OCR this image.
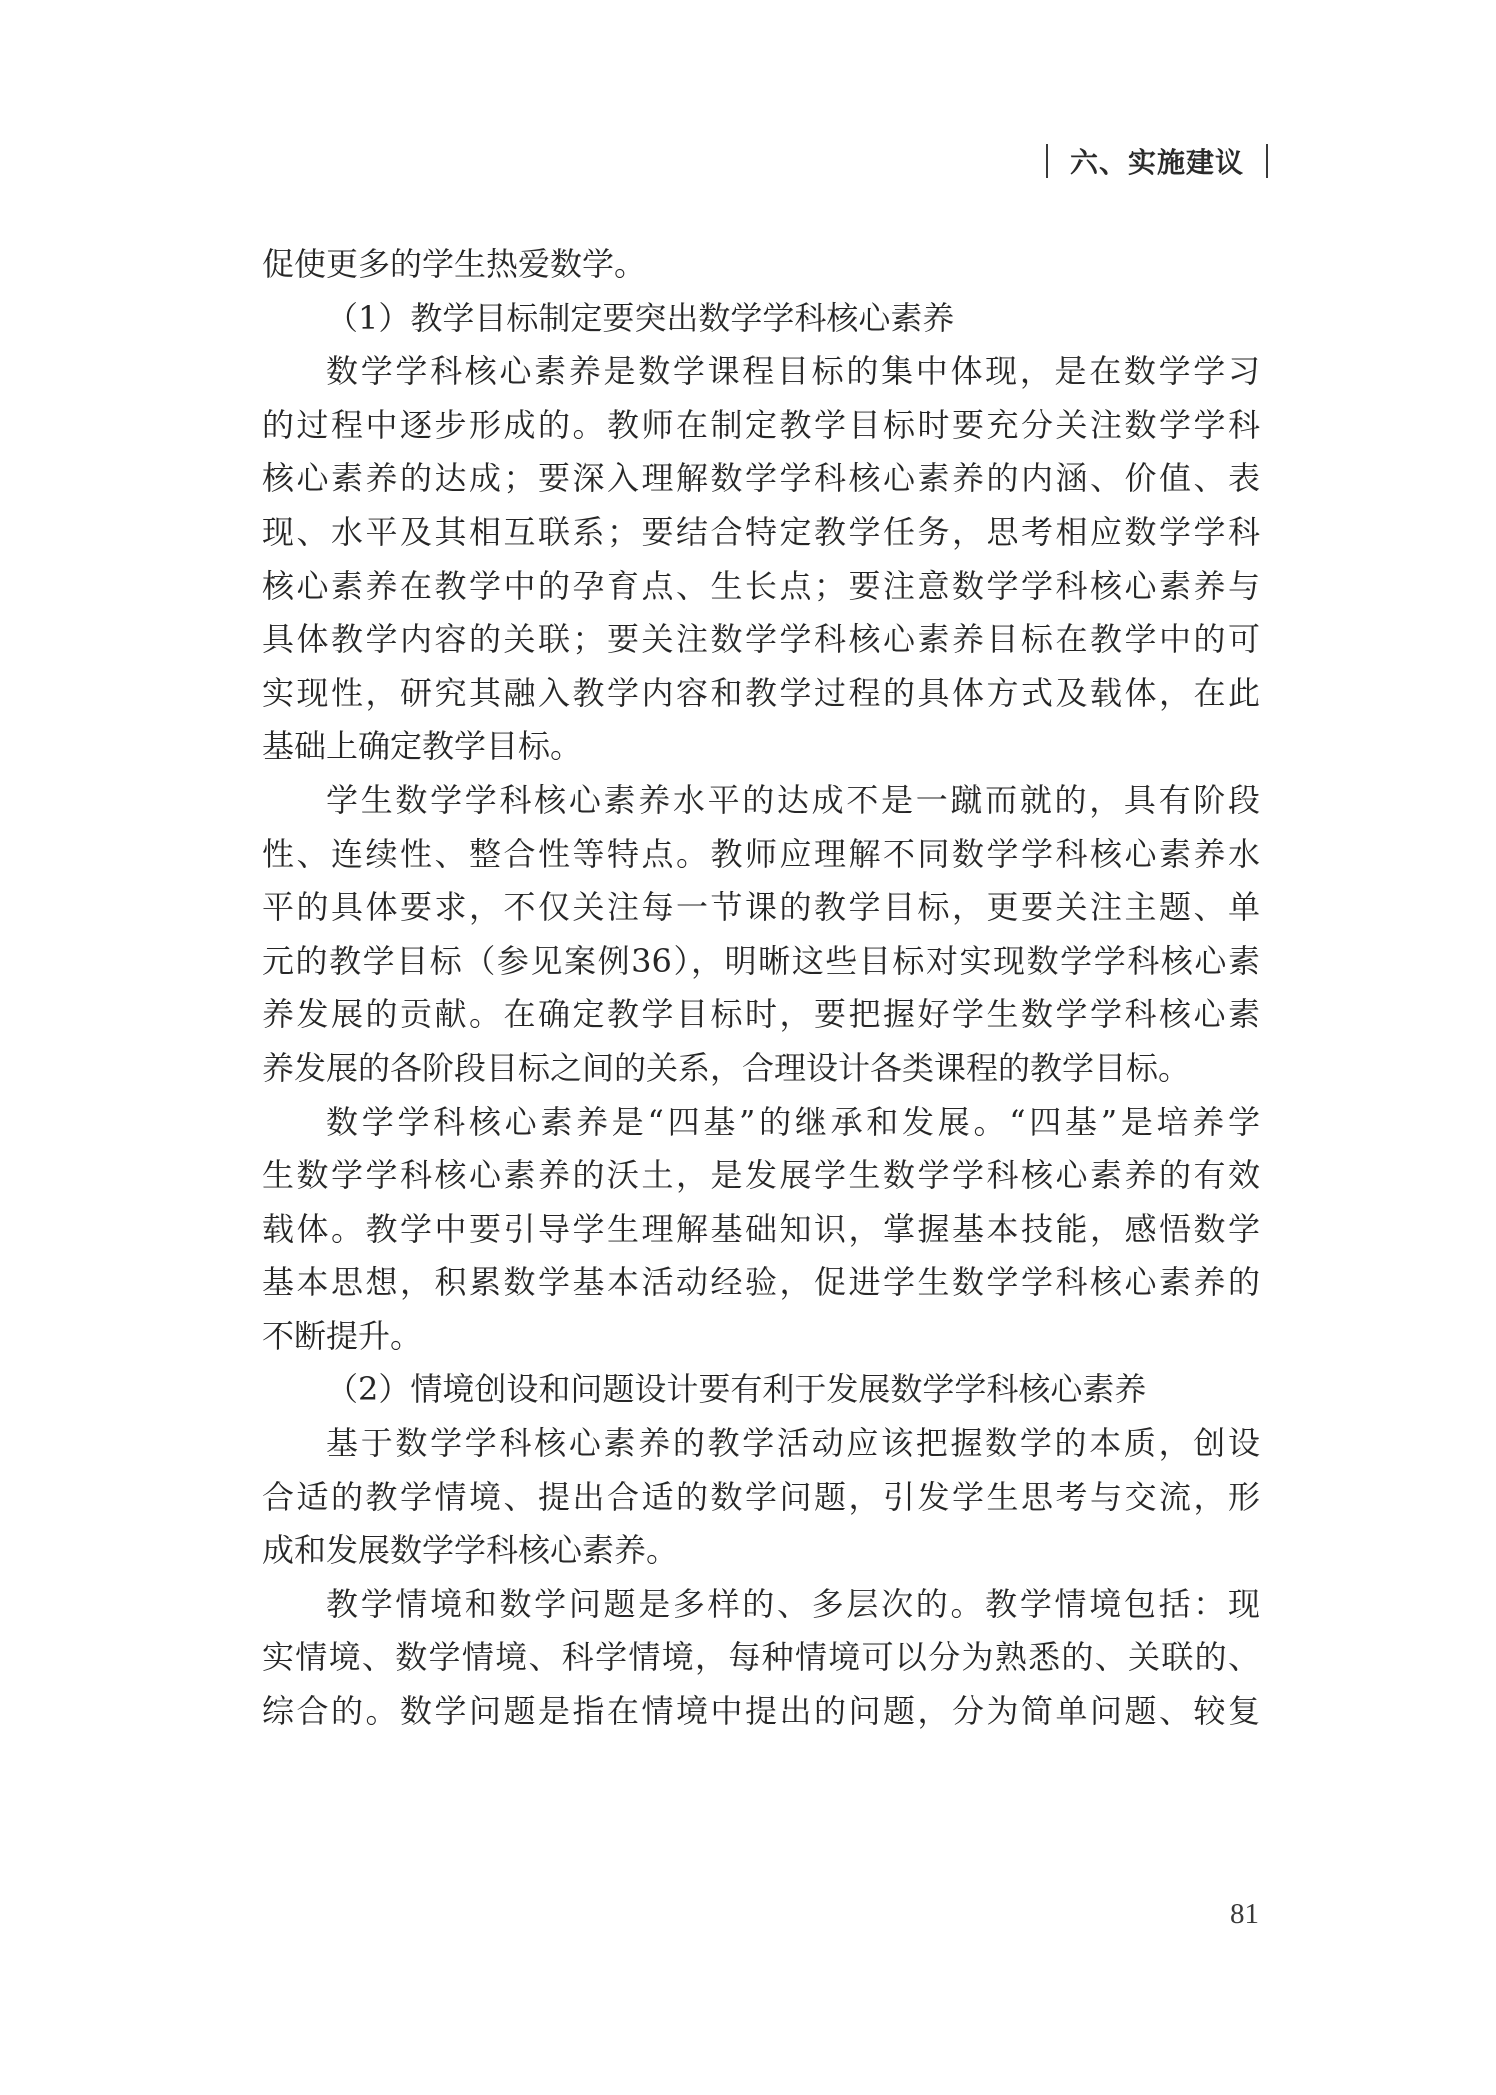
六、实施建议
促使更多的学生热爱数学。
（1）教学目标制定要突出数学学科核心素养
数学学科核心素养是数学课程目标的集中体现，是在数学学习
的过程中逐步形成的。教师在制定教学目标时要充分关注数学学科
核心素养的达成；要深入理解数学学科核心素养的内涵、价值、表
现、水平及其相互联系；要结合特定教学任务，思考相应数学学科
核心素养在教学中的孕育点、生长点；要注意数学学科核心素养与
具体教学内容的关联；要关注数学学科核心素养目标在教学中的可
实现性，研究其融入教学内容和教学过程的具体方式及载体，在此
基础上确定教学目标。
学生数学学科核心素养水平的达成不是一蹴而就的，具有阶段
性、连续性、整合性等特点。教师应理解不同数学学科核心素养水
平的具体要求，不仅关注每一节课的教学目标，更要关注主题、单
元的教学目标（参见案例36），明晰这些目标对实现数学学科核心素
养发展的贡献。在确定教学目标时，要把握好学生数学学科核心素
养发展的各阶段目标之间的关系，合理设计各类课程的教学目标。
数学学科核心素养是“四基”的继承和发展。“四基”是培养学
生数学学科核心素养的沃土，是发展学生数学学科核心素养的有效
载体。教学中要引导学生理解基础知识，掌握基本技能，感悟数学
基本思想，积累数学基本活动经验，促进学生数学学科核心素养的
不断提升。
（2）情境创设和问题设计要有利于发展数学学科核心素养
基于数学学科核心素养的教学活动应该把握数学的本质，创设
合适的教学情境、提出合适的数学问题，引发学生思考与交流，形
成和发展数学学科核心素养。
教学情境和数学问题是多样的、多层次的。教学情境包括：现
实情境、数学情境、科学情境，每种情境可以分为熟悉的、关联的、
综合的。数学问题是指在情境中提出的问题，分为简单问题、较复
81
